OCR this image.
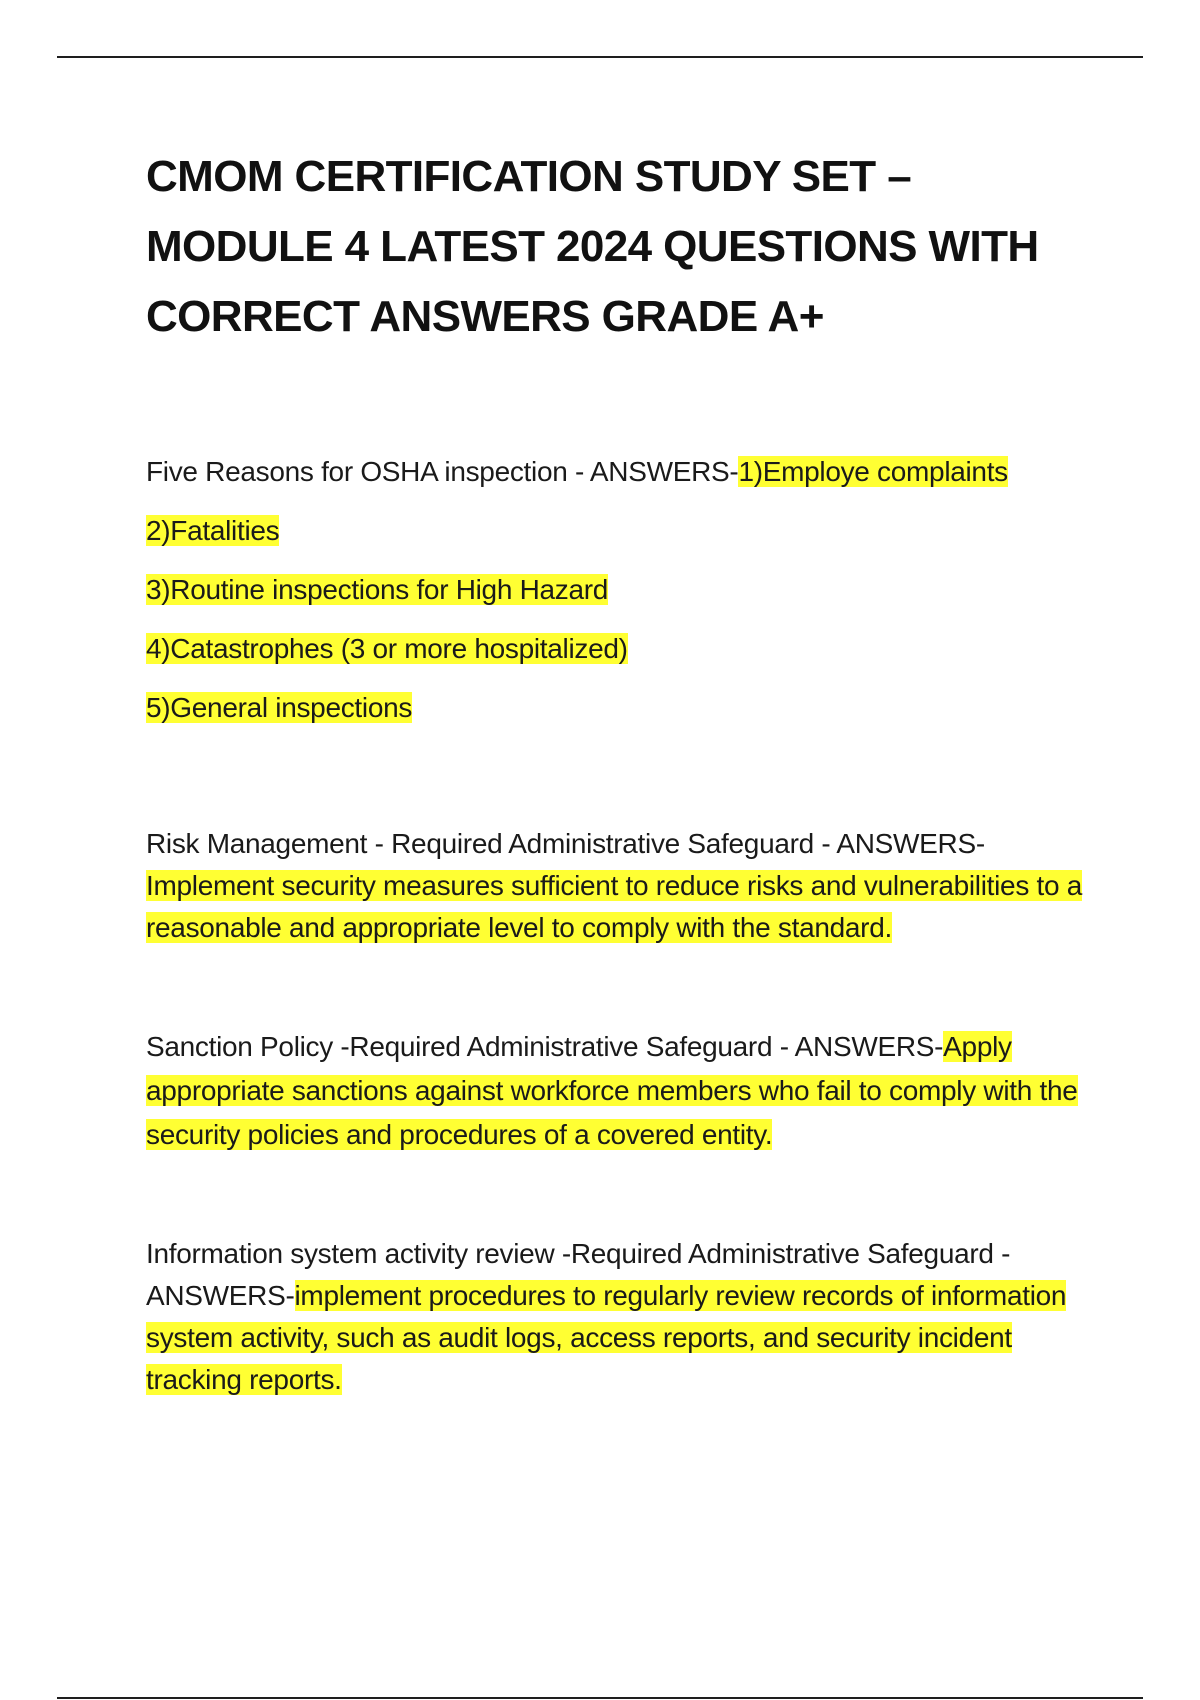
CMOM CERTIFICATION STUDY SET – MODULE 4 LATEST 2024 QUESTIONS WITH CORRECT ANSWERS GRADE A+

Five Reasons for OSHA inspection - ANSWERS-1)Employe complaints

2)Fatalities

3)Routine inspections for High Hazard

4)Catastrophes (3 or more hospitalized)

5)General inspections

Risk Management - Required Administrative Safeguard - ANSWERS-Implement security measures sufficient to reduce risks and vulnerabilities to a reasonable and appropriate level to comply with the standard.

Sanction Policy -Required Administrative Safeguard - ANSWERS-Apply appropriate sanctions against workforce members who fail to comply with the security policies and procedures of a covered entity.

Information system activity review -Required Administrative Safeguard - ANSWERS-implement procedures to regularly review records of information system activity, such as audit logs, access reports, and security incident tracking reports.
